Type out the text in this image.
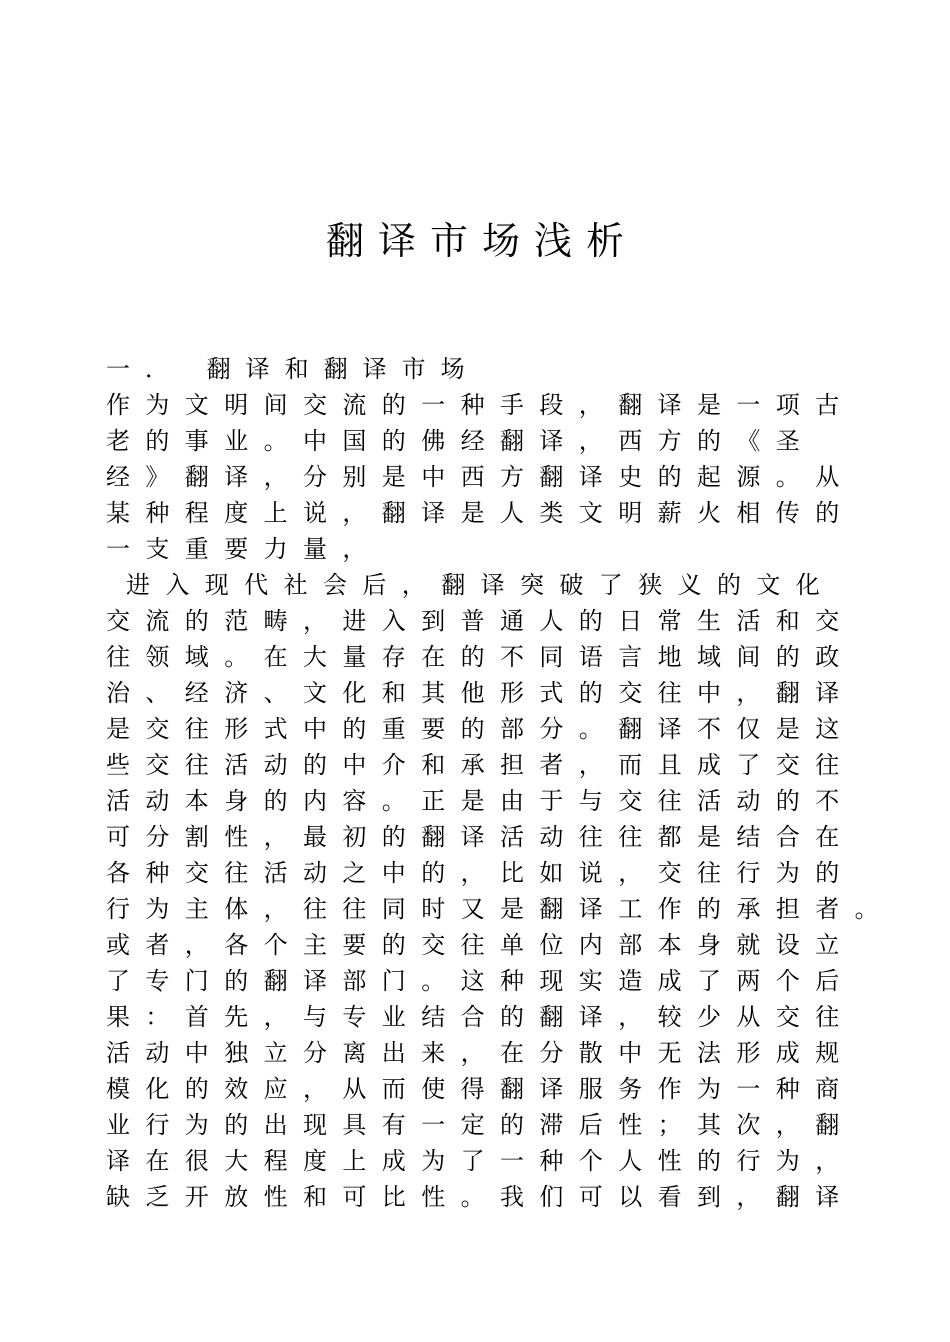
翻译市场浅析
一． 翻译和翻译市场
作为文明间交流的一种手段，翻译是一项古
老的事业。中国的佛经翻译，西方的《圣
经》翻译，分别是中西方翻译史的起源。从
某种程度上说，翻译是人类文明薪火相传的
一支重要力量，
进入现代社会后，翻译突破了狭义的文化
交流的范畴，进入到普通人的日常生活和交
往领域。在大量存在的不同语言地域间的政
治、经济、文化和其他形式的交往中，翻译
是交往形式中的重要的部分。翻译不仅是这
些交往活动的中介和承担者，而且成了交往
活动本身的内容。正是由于与交往活动的不
可分割性，最初的翻译活动往往都是结合在
各种交往活动之中的，比如说，交往行为的
行为主体，往往同时又是翻译工作的承担者。
或者，各个主要的交往单位内部本身就设立
了专门的翻译部门。这种现实造成了两个后
果：首先，与专业结合的翻译，较少从交往
活动中独立分离出来，在分散中无法形成规
模化的效应，从而使得翻译服务作为一种商
业行为的出现具有一定的滞后性；其次，翻
译在很大程度上成为了一种个人性的行为，
缺乏开放性和可比性。我们可以看到，翻译
